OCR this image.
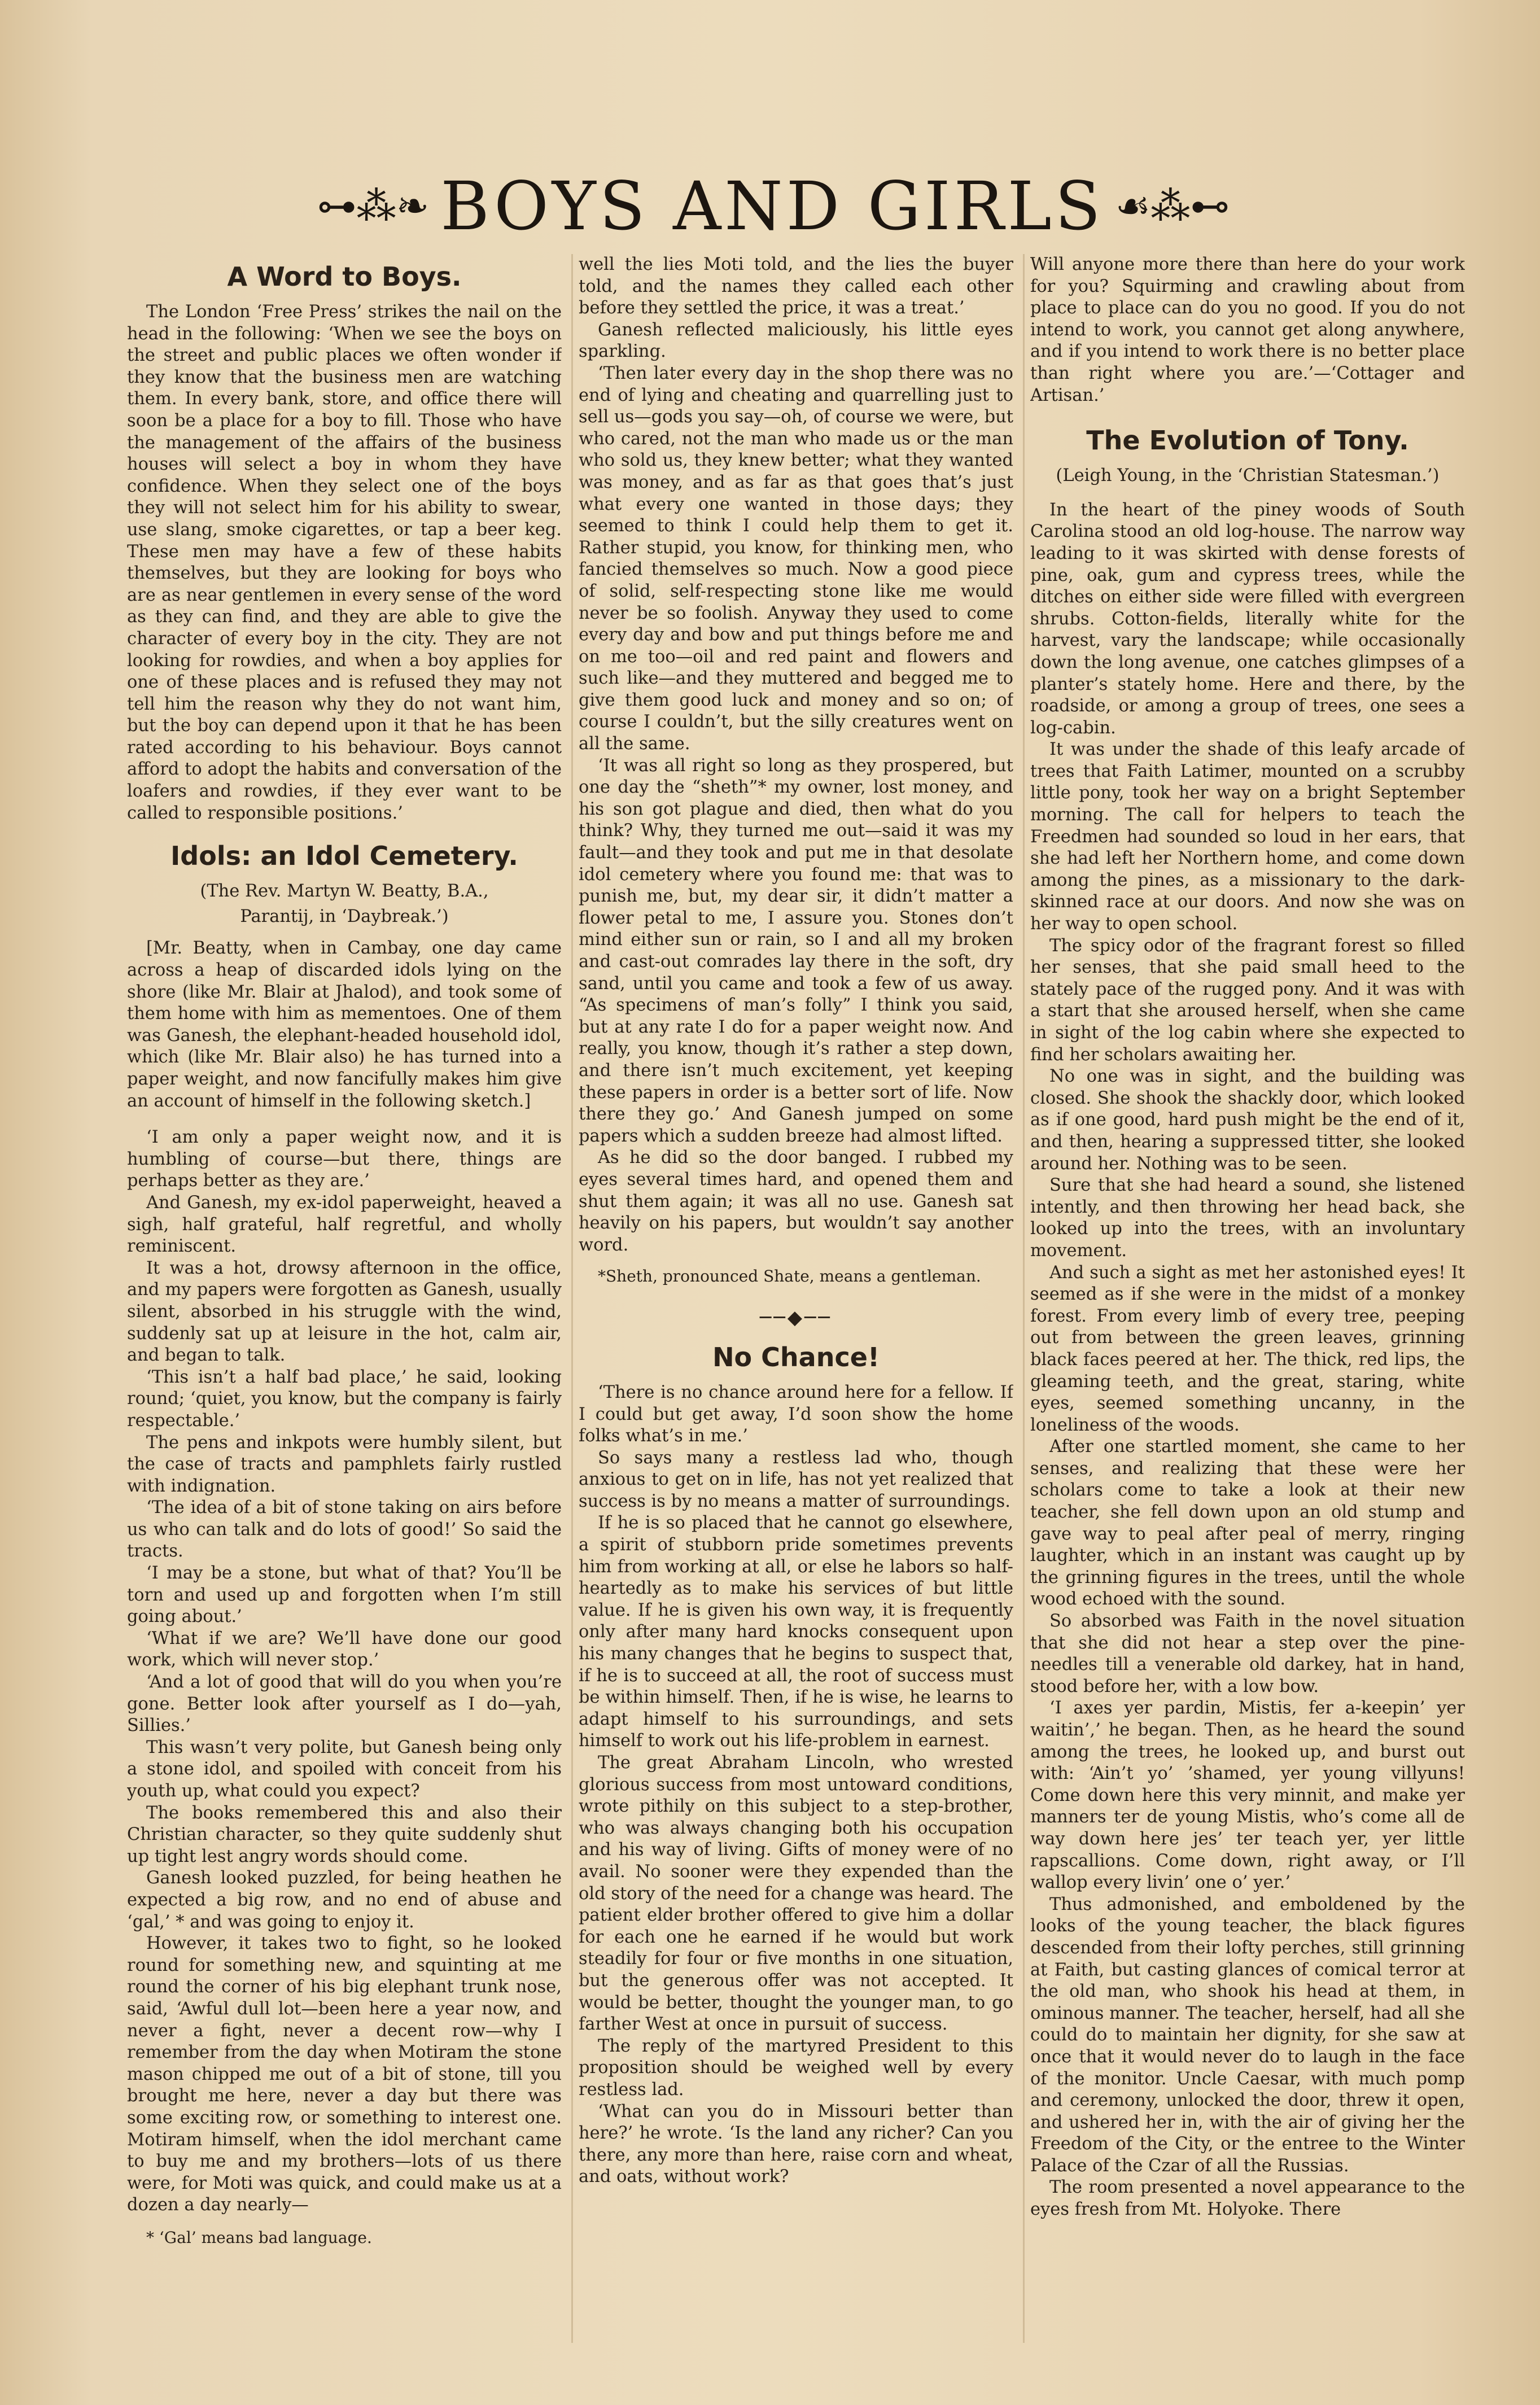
⊶⁂❧ BOYS AND GIRLS ☙⁂⊷
A Word to Boys.

The London ‘Free Press’ strikes the nail on the head in the following: ‘When we see the boys on the street and public places we often wonder if they know that the business men are watching them. In every bank, store, and office there will soon be a place for a boy to fill. Those who have the management of the affairs of the business houses will select a boy in whom they have confidence. When they select one of the boys they will not select him for his ability to swear, use slang, smoke cigarettes, or tap a beer keg. These men may have a few of these habits themselves, but they are looking for boys who are as near gentlemen in every sense of the word as they can find, and they are able to give the character of every boy in the city. They are not looking for rowdies, and when a boy applies for one of these places and is refused they may not tell him the reason why they do not want him, but the boy can depend upon it that he has been rated according to his behaviour. Boys cannot afford to adopt the habits and conversation of the loafers and rowdies, if they ever want to be called to responsible positions.’

Idols: an Idol Cemetery.

(The Rev. Martyn W. Beatty, B.A.,

Parantij, in ‘Daybreak.’)

[Mr. Beatty, when in Cambay, one day came across a heap of discarded idols lying on the shore (like Mr. Blair at Jhalod), and took some of them home with him as mementoes. One of them was Ganesh, the elephant-headed household idol, which (like Mr. Blair also) he has turned into a paper weight, and now fancifully makes him give an account of himself in the following sketch.]

‘I am only a paper weight now, and it is humbling of course—but there, things are perhaps better as they are.’

And Ganesh, my ex-idol paperweight, heaved a sigh, half grateful, half regretful, and wholly reminiscent.

It was a hot, drowsy afternoon in the office, and my papers were forgotten as Ganesh, usually silent, absorbed in his struggle with the wind, suddenly sat up at leisure in the hot, calm air, and began to talk.

‘This isn’t a half bad place,’ he said, looking round; ‘quiet, you know, but the company is fairly respectable.’

The pens and inkpots were humbly silent, but the case of tracts and pamphlets fairly rustled with indignation.

‘The idea of a bit of stone taking on airs before us who can talk and do lots of good!’ So said the tracts.

‘I may be a stone, but what of that? You’ll be torn and used up and forgotten when I’m still going about.’

‘What if we are? We’ll have done our good work, which will never stop.’

‘And a lot of good that will do you when you’re gone. Better look after yourself as I do—yah, Sillies.’

This wasn’t very polite, but Ganesh being only a stone idol, and spoiled with conceit from his youth up, what could you expect?

The books remembered this and also their Christian character, so they quite suddenly shut up tight lest angry words should come.

Ganesh looked puzzled, for being heathen he expected a big row, and no end of abuse and ‘gal,’ * and was going to enjoy it.

However, it takes two to fight, so he looked round for something new, and squinting at me round the corner of his big elephant trunk nose, said, ‘Awful dull lot—been here a year now, and never a fight, never a decent row—why I remember from the day when Motiram the stone mason chipped me out of a bit of stone, till you brought me here, never a day but there was some exciting row, or something to interest one. Motiram himself, when the idol merchant came to buy me and my brothers—lots of us there were, for Moti was quick, and could make us at a dozen a day nearly—

* ‘Gal’ means bad language.

well the lies Moti told, and the lies the buyer told, and the names they called each other before they settled the price, it was a treat.’

Ganesh reflected maliciously, his little eyes sparkling.

‘Then later every day in the shop there was no end of lying and cheating and quarrelling just to sell us—gods you say—oh, of course we were, but who cared, not the man who made us or the man who sold us, they knew better; what they wanted was money, and as far as that goes that’s just what every one wanted in those days; they seemed to think I could help them to get it. Rather stupid, you know, for thinking men, who fancied themselves so much. Now a good piece of solid, self-respecting stone like me would never be so foolish. Anyway they used to come every day and bow and put things before me and on me too—oil and red paint and flowers and such like—and they muttered and begged me to give them good luck and money and so on; of course I couldn’t, but the silly creatures went on all the same.

‘It was all right so long as they prospered, but one day the “sheth”* my owner, lost money, and his son got plague and died, then what do you think? Why, they turned me out—said it was my fault—and they took and put me in that desolate idol cemetery where you found me: that was to punish me, but, my dear sir, it didn’t matter a flower petal to me, I assure you. Stones don’t mind either sun or rain, so I and all my broken and cast-out comrades lay there in the soft, dry sand, until you came and took a few of us away. “As specimens of man’s folly” I think you said, but at any rate I do for a paper weight now. And really, you know, though it’s rather a step down, and there isn’t much excitement, yet keeping these papers in order is a better sort of life. Now there they go.’ And Ganesh jumped on some papers which a sudden breeze had almost lifted.

As he did so the door banged. I rubbed my eyes several times hard, and opened them and shut them again; it was all no use. Ganesh sat heavily on his papers, but wouldn’t say another word.

*Sheth, pronounced Shate, means a gentleman.

──◆──
No Chance!

‘There is no chance around here for a fellow. If I could but get away, I’d soon show the home folks what’s in me.’

So says many a restless lad who, though anxious to get on in life, has not yet realized that success is by no means a matter of surroundings.

If he is so placed that he cannot go elsewhere, a spirit of stubborn pride sometimes prevents him from working at all, or else he labors so half-heartedly as to make his services of but little value. If he is given his own way, it is frequently only after many hard knocks consequent upon his many changes that he begins to suspect that, if he is to succeed at all, the root of success must be within himself. Then, if he is wise, he learns to adapt himself to his surroundings, and sets himself to work out his life-problem in earnest.

The great Abraham Lincoln, who wrested glorious success from most untoward conditions, wrote pithily on this subject to a step-brother, who was always changing both his occupation and his way of living. Gifts of money were of no avail. No sooner were they expended than the old story of the need for a change was heard. The patient elder brother offered to give him a dollar for each one he earned if he would but work steadily for four or five months in one situation, but the generous offer was not accepted. It would be better, thought the younger man, to go farther West at once in pursuit of success.

The reply of the martyred President to this proposition should be weighed well by every restless lad.

‘What can you do in Missouri better than here?’ he wrote. ‘Is the land any richer? Can you there, any more than here, raise corn and wheat, and oats, without work?

Will anyone more there than here do your work for you? Squirming and crawling about from place to place can do you no good. If you do not intend to work, you cannot get along anywhere, and if you intend to work there is no better place than right where you are.’—‘Cottager and Artisan.’

The Evolution of Tony.

(Leigh Young, in the ‘Christian Statesman.’)

In the heart of the piney woods of South Carolina stood an old log-house. The narrow way leading to it was skirted with dense forests of pine, oak, gum and cypress trees, while the ditches on either side were filled with evergreen shrubs. Cotton-fields, literally white for the harvest, vary the landscape; while occasionally down the long avenue, one catches glimpses of a planter’s stately home. Here and there, by the roadside, or among a group of trees, one sees a log-cabin.

It was under the shade of this leafy arcade of trees that Faith Latimer, mounted on a scrubby little pony, took her way on a bright September morning. The call for helpers to teach the Freedmen had sounded so loud in her ears, that she had left her Northern home, and come down among the pines, as a missionary to the dark-skinned race at our doors. And now she was on her way to open school.

The spicy odor of the fragrant forest so filled her senses, that she paid small heed to the stately pace of the rugged pony. And it was with a start that she aroused herself, when she came in sight of the log cabin where she expected to find her scholars awaiting her.

No one was in sight, and the building was closed. She shook the shackly door, which looked as if one good, hard push might be the end of it, and then, hearing a suppressed titter, she looked around her. Nothing was to be seen.

Sure that she had heard a sound, she listened intently, and then throwing her head back, she looked up into the trees, with an involuntary movement.

And such a sight as met her astonished eyes! It seemed as if she were in the midst of a monkey forest. From every limb of every tree, peeping out from between the green leaves, grinning black faces peered at her. The thick, red lips, the gleaming teeth, and the great, staring, white eyes, seemed something uncanny, in the loneliness of the woods.

After one startled moment, she came to her senses, and realizing that these were her scholars come to take a look at their new teacher, she fell down upon an old stump and gave way to peal after peal of merry, ringing laughter, which in an instant was caught up by the grinning figures in the trees, until the whole wood echoed with the sound.

So absorbed was Faith in the novel situation that she did not hear a step over the pine-needles till a venerable old darkey, hat in hand, stood before her, with a low bow.

‘I axes yer pardin, Mistis, fer a-keepin’ yer waitin’,’ he began. Then, as he heard the sound among the trees, he looked up, and burst out with: ‘Ain’t yo’ ’shamed, yer young villyuns! Come down here this very minnit, and make yer manners ter de young Mistis, who’s come all de way down here jes’ ter teach yer, yer little rapscallions. Come down, right away, or I’ll wallop every livin’ one o’ yer.’

Thus admonished, and emboldened by the looks of the young teacher, the black figures descended from their lofty perches, still grinning at Faith, but casting glances of comical terror at the old man, who shook his head at them, in ominous manner. The teacher, herself, had all she could do to maintain her dignity, for she saw at once that it would never do to laugh in the face of the monitor. Uncle Caesar, with much pomp and ceremony, unlocked the door, threw it open, and ushered her in, with the air of giving her the Freedom of the City, or the entree to the Winter Palace of the Czar of all the Russias.

The room presented a novel appearance to the eyes fresh from Mt. Holyoke. There
